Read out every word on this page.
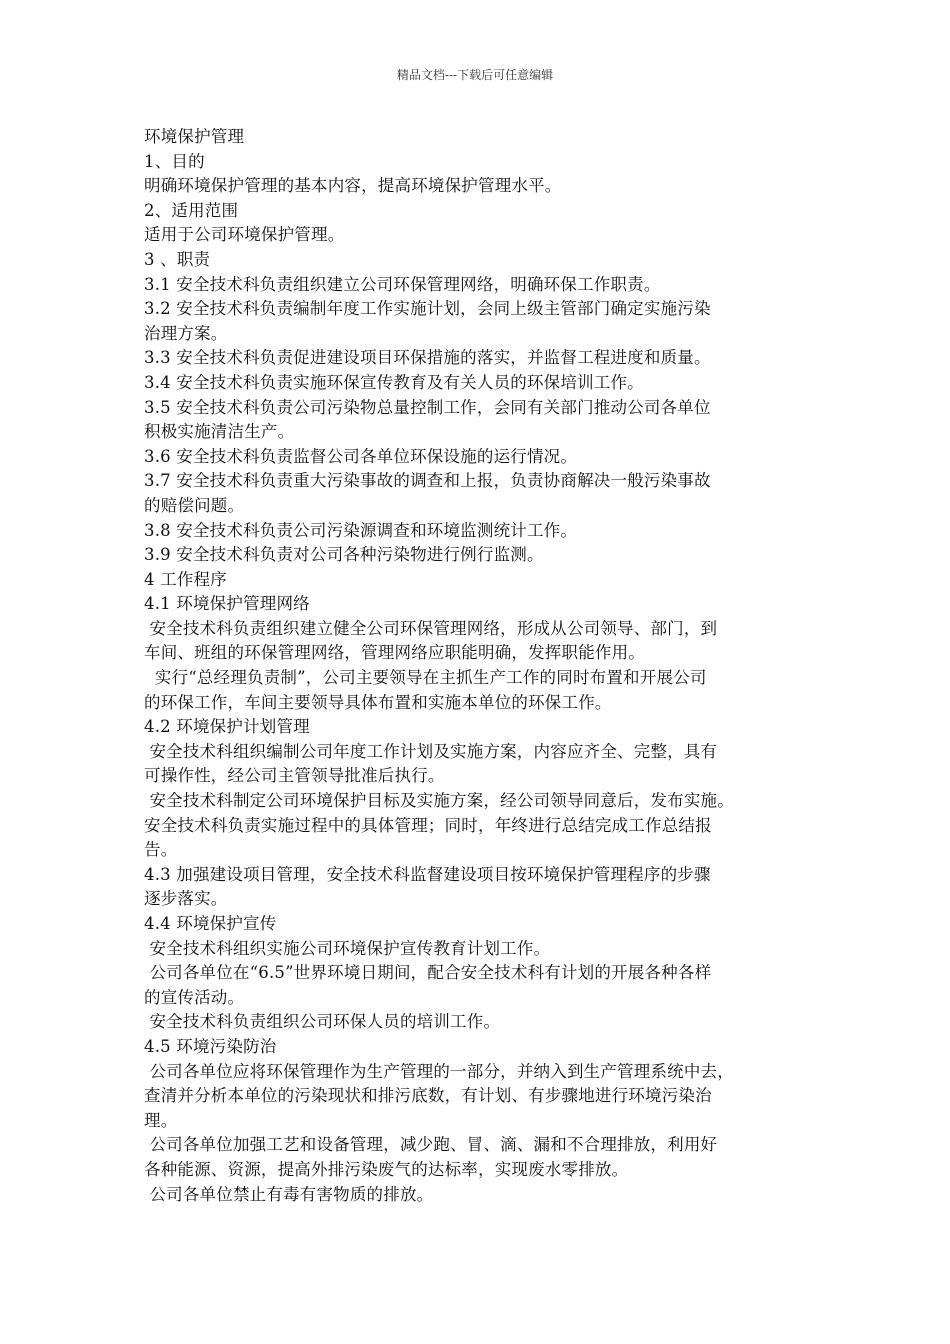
精品文档---下载后可任意编辑

环境保护管理

1、目的

明确环境保护管理的基本内容，提高环境保护管理水平。

2、适用范围

适用于公司环境保护管理。

3 、职责

3.1 安全技术科负责组织建立公司环保管理网络，明确环保工作职责。

3.2 安全技术科负责编制年度工作实施计划，会同上级主管部门确定实施污染

治理方案。

3.3 安全技术科负责促进建设项目环保措施的落实，并监督工程进度和质量。

3.4 安全技术科负责实施环保宣传教育及有关人员的环保培训工作。

3.5 安全技术科负责公司污染物总量控制工作，会同有关部门推动公司各单位

积极实施清洁生产。

3.6 安全技术科负责监督公司各单位环保设施的运行情况。

3.7 安全技术科负责重大污染事故的调查和上报，负责协商解决一般污染事故

的赔偿问题。

3.8 安全技术科负责公司污染源调查和环境监测统计工作。

3.9 安全技术科负责对公司各种污染物进行例行监测。

4 工作程序

4.1 环境保护管理网络

安全技术科负责组织建立健全公司环保管理网络，形成从公司领导、部门，到

车间、班组的环保管理网络，管理网络应职能明确，发挥职能作用。

实行“总经理负责制”，公司主要领导在主抓生产工作的同时布置和开展公司

的环保工作，车间主要领导具体布置和实施本单位的环保工作。

4.2 环境保护计划管理

安全技术科组织编制公司年度工作计划及实施方案，内容应齐全、完整，具有

可操作性，经公司主管领导批准后执行。

安全技术科制定公司环境保护目标及实施方案，经公司领导同意后，发布实施。

安全技术科负责实施过程中的具体管理；同时，年终进行总结完成工作总结报

告。

4.3 加强建设项目管理，安全技术科监督建设项目按环境保护管理程序的步骤

逐步落实。

4.4 环境保护宣传

安全技术科组织实施公司环境保护宣传教育计划工作。

公司各单位在“6.5”世界环境日期间，配合安全技术科有计划的开展各种各样

的宣传活动。

安全技术科负责组织公司环保人员的培训工作。

4.5 环境污染防治

公司各单位应将环保管理作为生产管理的一部分，并纳入到生产管理系统中去，

查清并分析本单位的污染现状和排污底数，有计划、有步骤地进行环境污染治

理。

公司各单位加强工艺和设备管理，减少跑、冒、滴、漏和不合理排放，利用好

各种能源、资源，提高外排污染废气的达标率，实现废水零排放。

公司各单位禁止有毒有害物质的排放。
